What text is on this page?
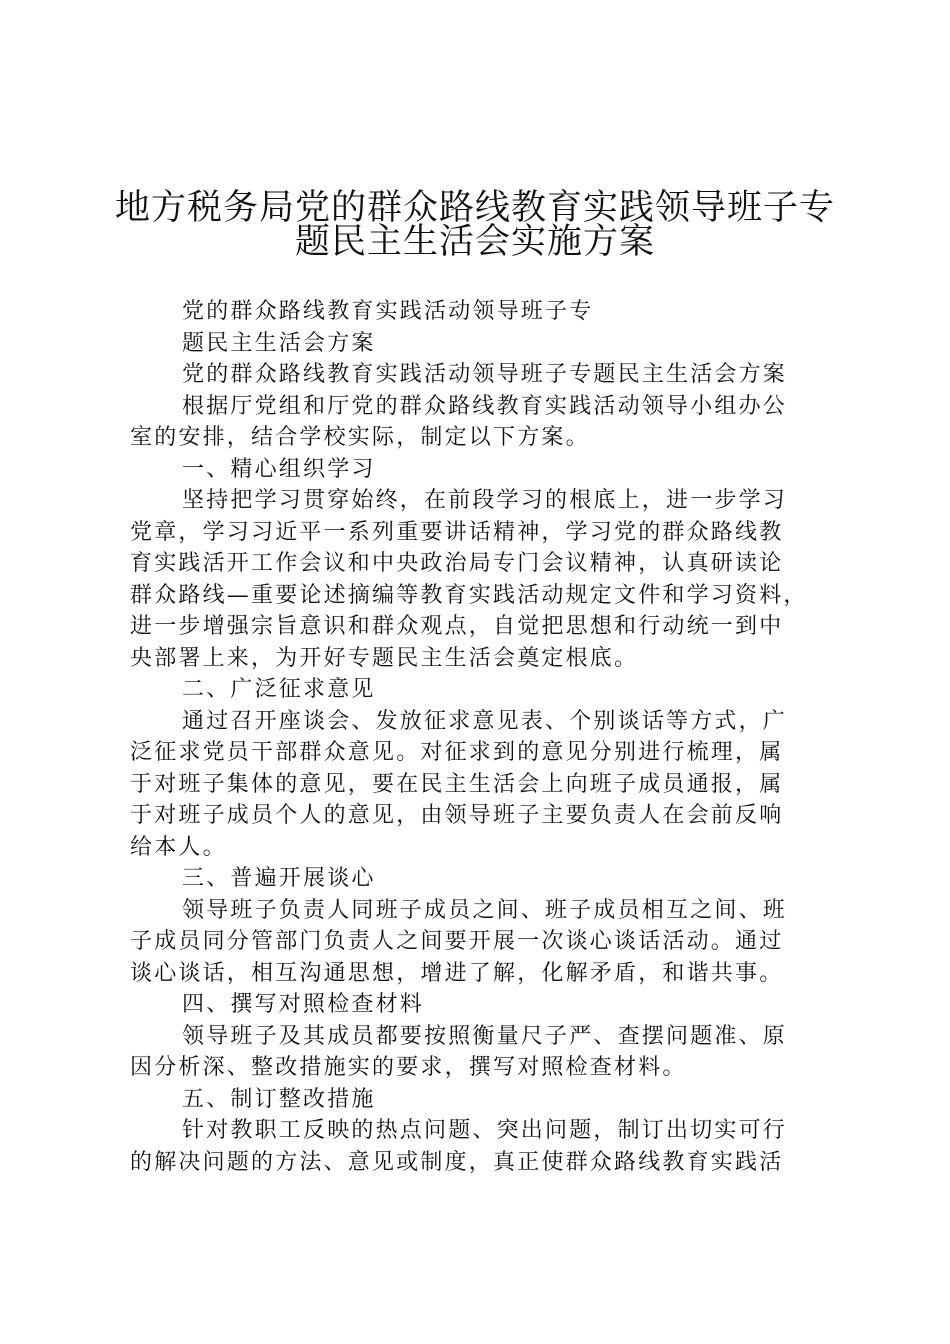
地方税务局党的群众路线教育实践领导班子专
题民主生活会实施方案
党的群众路线教育实践活动领导班子专
题民主生活会方案
党的群众路线教育实践活动领导班子专题民主生活会方案
根据厅党组和厅党的群众路线教育实践活动领导小组办公
室的安排，结合学校实际，制定以下方案。
一、精心组织学习
坚持把学习贯穿始终，在前段学习的根底上，进一步学习
党章，学习习近平一系列重要讲话精神，学习党的群众路线教
育实践活开工作会议和中央政治局专门会议精神，认真研读论
群众路线—重要论述摘编等教育实践活动规定文件和学习资料，
进一步增强宗旨意识和群众观点，自觉把思想和行动统一到中
央部署上来，为开好专题民主生活会奠定根底。
二、广泛征求意见
通过召开座谈会、发放征求意见表、个别谈话等方式，广
泛征求党员干部群众意见。对征求到的意见分别进行梳理，属
于对班子集体的意见，要在民主生活会上向班子成员通报，属
于对班子成员个人的意见，由领导班子主要负责人在会前反响
给本人。
三、普遍开展谈心
领导班子负责人同班子成员之间、班子成员相互之间、班
子成员同分管部门负责人之间要开展一次谈心谈话活动。通过
谈心谈话，相互沟通思想，增进了解，化解矛盾，和谐共事。
四、撰写对照检查材料
领导班子及其成员都要按照衡量尺子严、查摆问题准、原
因分析深、整改措施实的要求，撰写对照检查材料。
五、制订整改措施
针对教职工反映的热点问题、突出问题，制订出切实可行
的解决问题的方法、意见或制度，真正使群众路线教育实践活
